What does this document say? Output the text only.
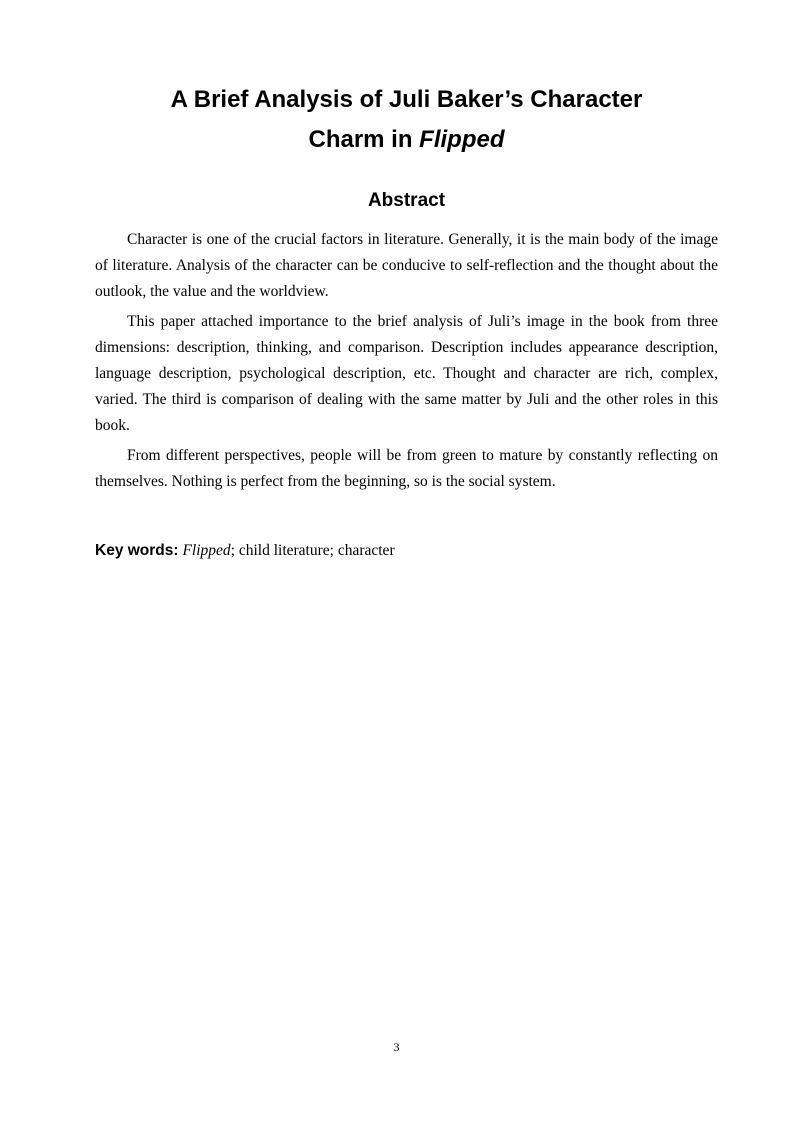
A Brief Analysis of Juli Baker’s Character
Charm in Flipped
Abstract

Character is one of the crucial factors in literature. Generally, it is the main body of the image of literature. Analysis of the character can be conducive to self-reflection and the thought about the outlook, the value and the worldview.

This paper attached importance to the brief analysis of Juli’s image in the book from three dimensions: description, thinking, and comparison. Description includes appearance description, language description, psychological description, etc. Thought and character are rich, complex, varied. The third is comparison of dealing with the same matter by Juli and the other roles in this book.

From different perspectives, people will be from green to mature by constantly reflecting on themselves. Nothing is perfect from the beginning, so is the social system.

Key words: Flipped; child literature; character
3
